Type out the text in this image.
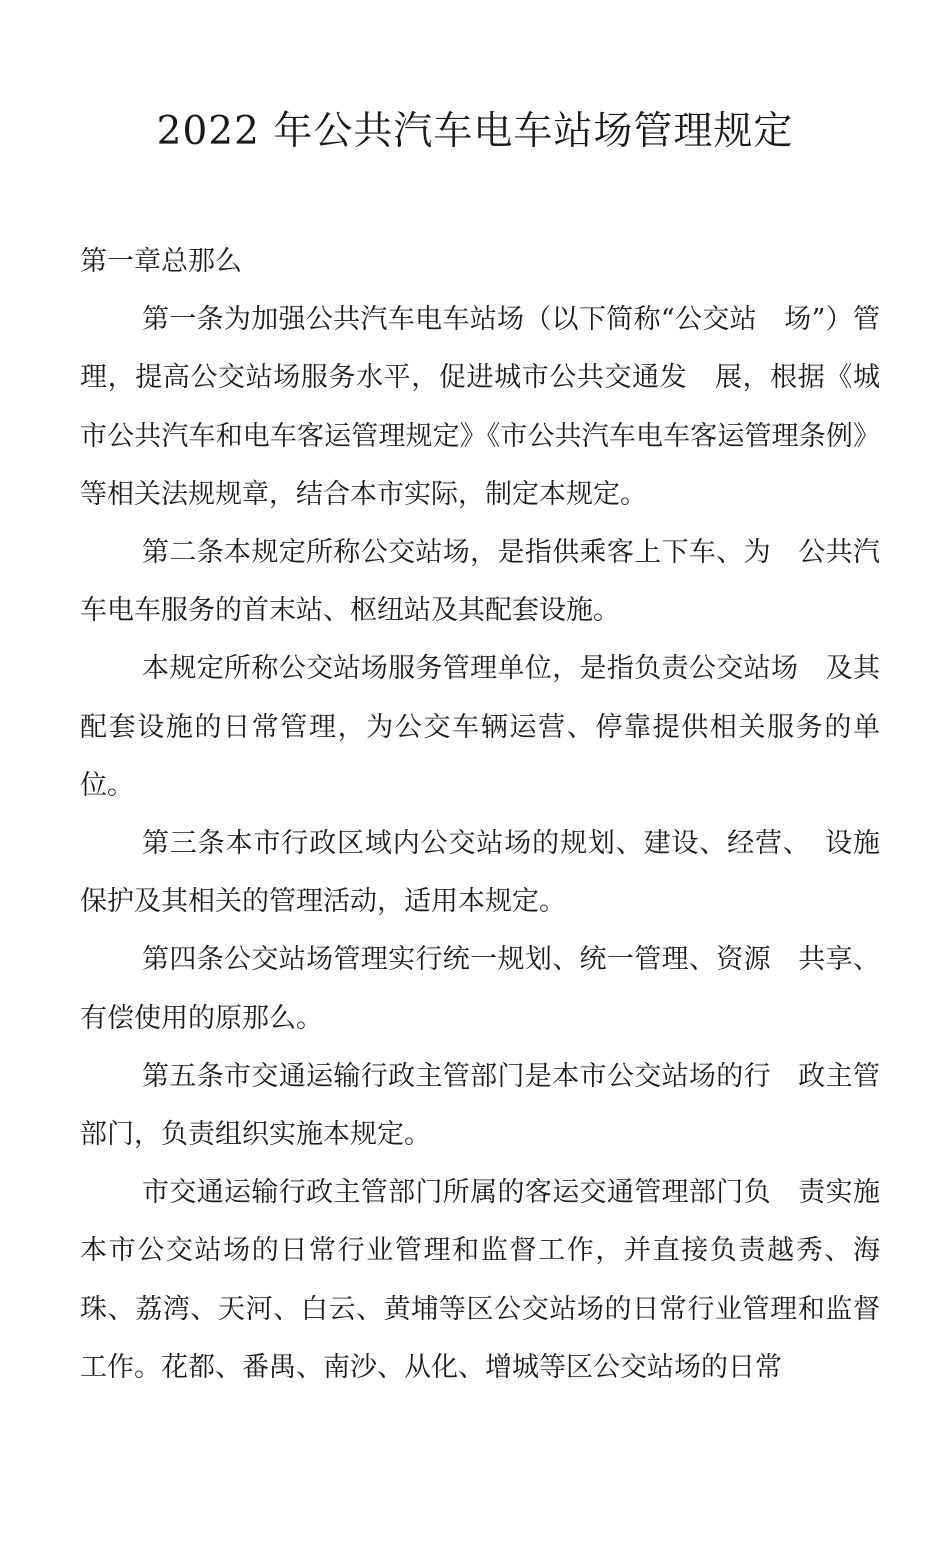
2022 年公共汽车电车站场管理规定

第一章总那么

第一条为加强公共汽车电车站场（以下简称“公交站　场”）管理，提高公交站场服务水平，促进城市公共交通发　展，根据《城市公共汽车和电车客运管理规定》《市公共汽车电车客运管理条例》等相关法规规章，结合本市实际，制定本规定。

第二条本规定所称公交站场，是指供乘客上下车、为　公共汽车电车服务的首末站、枢纽站及其配套设施。

本规定所称公交站场服务管理单位，是指负责公交站场　及其配套设施的日常管理，为公交车辆运营、停靠提供相关服务的单位。

第三条本市行政区域内公交站场的规划、建设、经营、　设施保护及其相关的管理活动，适用本规定。

第四条公交站场管理实行统一规划、统一管理、资源　共享、有偿使用的原那么。

第五条市交通运输行政主管部门是本市公交站场的行　政主管部门，负责组织实施本规定。

市交通运输行政主管部门所属的客运交通管理部门负　责实施本市公交站场的日常行业管理和监督工作，并直接负责越秀、海珠、荔湾、天河、白云、黄埔等区公交站场的日常行业管理和监督工作。花都、番禺、南沙、从化、增城等区公交站场的日常
